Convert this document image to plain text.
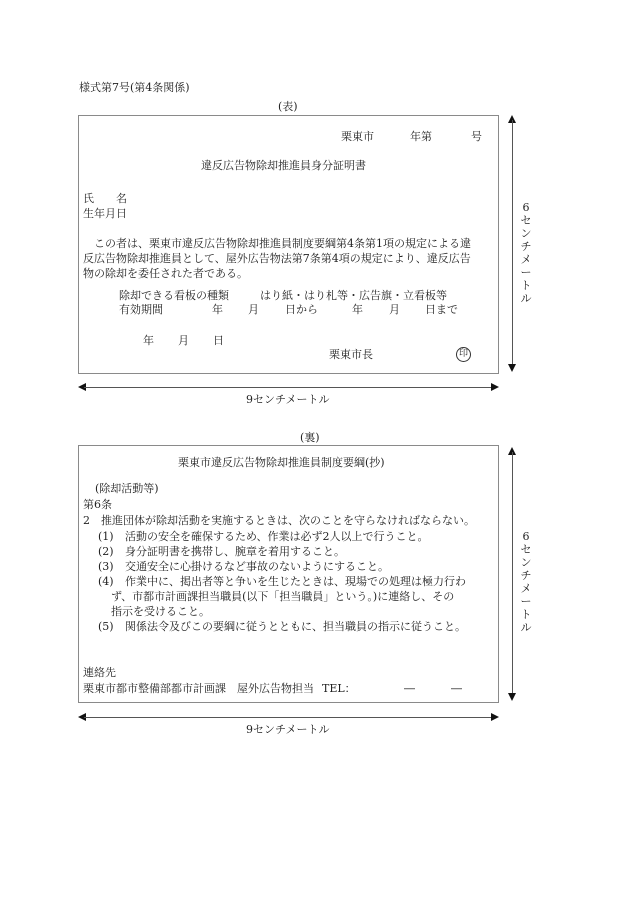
様式第7号(第4条関係)
(表)
栗東市	年第	号
違反広告物除却推進員身分証明書
氏　　名
生年月日
　この者は、栗東市違反広告物除却推進員制度要綱第4条第1項の規定による違
反広告物除却推進員として、屋外広告物法第7条第4項の規定により、違反広告
物の除却を委任された者である。
除却できる看板の種類	はり紙・はり札等・広告旗・立看板等
有効期間	年 月 日から	年 月 日まで
年 月 日
栗東市長	印
6センチメートル
9センチメートル
(裏)
栗東市違反広告物除却推進員制度要綱(抄)
(除却活動等)
第6条
2　推進団体が除却活動を実施するときは、次のことを守らなければならない。
(1) 活動の安全を確保するため、作業は必ず2人以上で行うこと。
(2) 身分証明書を携帯し、腕章を着用すること。
(3) 交通安全に心掛けるなど事故のないようにすること。
(4) 作業中に、掲出者等と争いを生じたときは、現場での処理は極力行わ
ず、市都市計画課担当職員(以下「担当職員」という。)に連絡し、その
指示を受けること。
(5) 関係法令及びこの要綱に従うとともに、担当職員の指示に従うこと。
連絡先
栗東市都市整備部都市計画課　屋外広告物担当 TEL：	―	―
6センチメートル
9センチメートル
